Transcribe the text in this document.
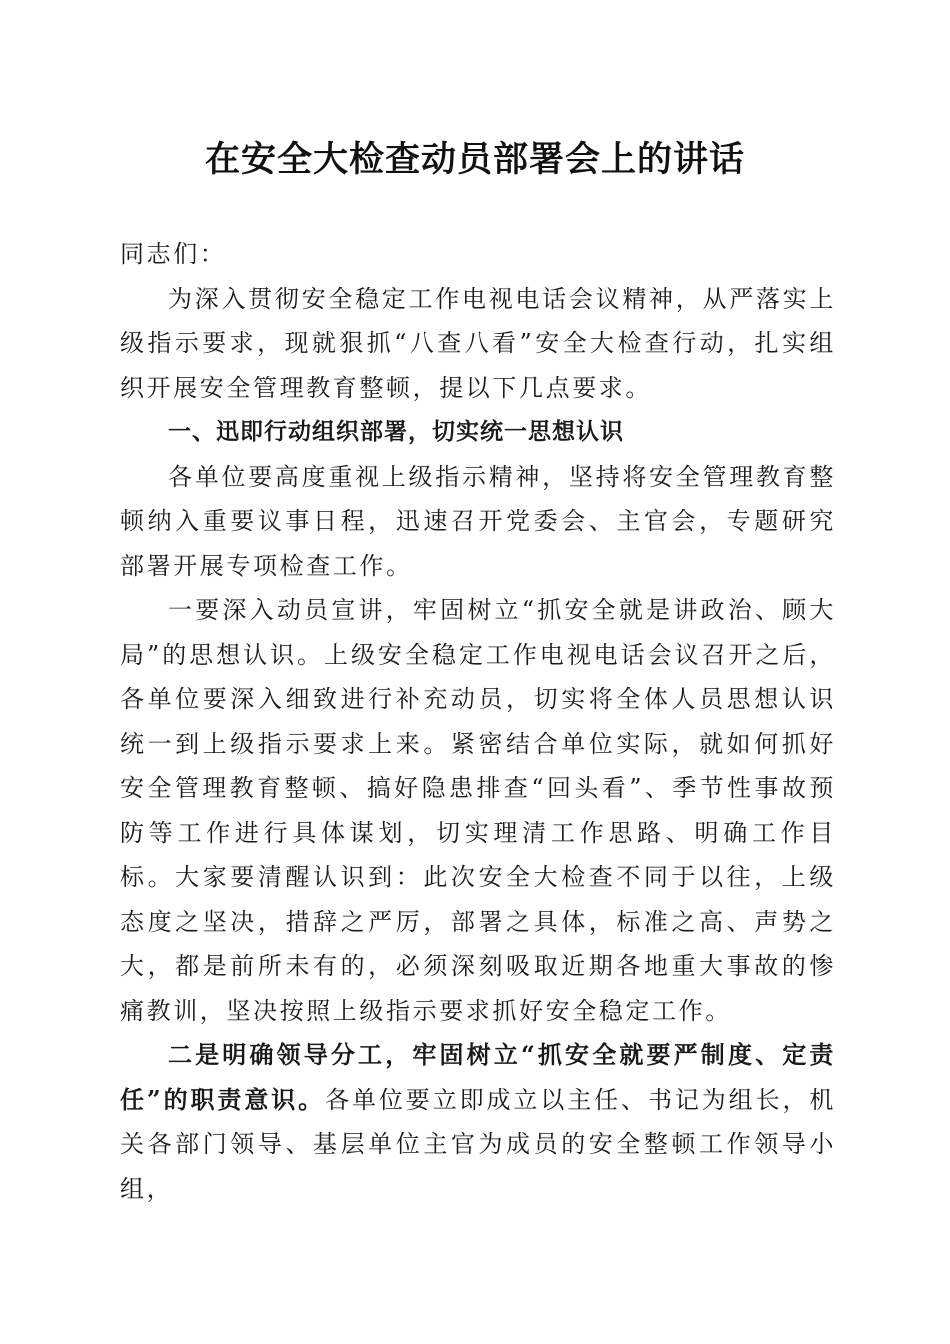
在安全大检查动员部署会上的讲话

同志们：

为深入贯彻安全稳定工作电视电话会议精神，从严落实上级指示要求，现就狠抓“八查八看”安全大检查行动，扎实组织开展安全管理教育整顿，提以下几点要求。

一、迅即行动组织部署，切实统一思想认识

各单位要高度重视上级指示精神，坚持将安全管理教育整顿纳入重要议事日程，迅速召开党委会、主官会，专题研究部署开展专项检查工作。

一要深入动员宣讲，牢固树立“抓安全就是讲政治、顾大局”的思想认识。上级安全稳定工作电视电话会议召开之后，各单位要深入细致进行补充动员，切实将全体人员思想认识统一到上级指示要求上来。紧密结合单位实际，就如何抓好安全管理教育整顿、搞好隐患排查“回头看”、季节性事故预防等工作进行具体谋划，切实理清工作思路、明确工作目标。大家要清醒认识到：此次安全大检查不同于以往，上级态度之坚决，措辞之严厉，部署之具体，标准之高、声势之大，都是前所未有的，必须深刻吸取近期各地重大事故的惨痛教训，坚决按照上级指示要求抓好安全稳定工作。

二是明确领导分工，牢固树立“抓安全就要严制度、定责任”的职责意识。各单位要立即成立以主任、书记为组长，机关各部门领导、基层单位主官为成员的安全整顿工作领导小组，
